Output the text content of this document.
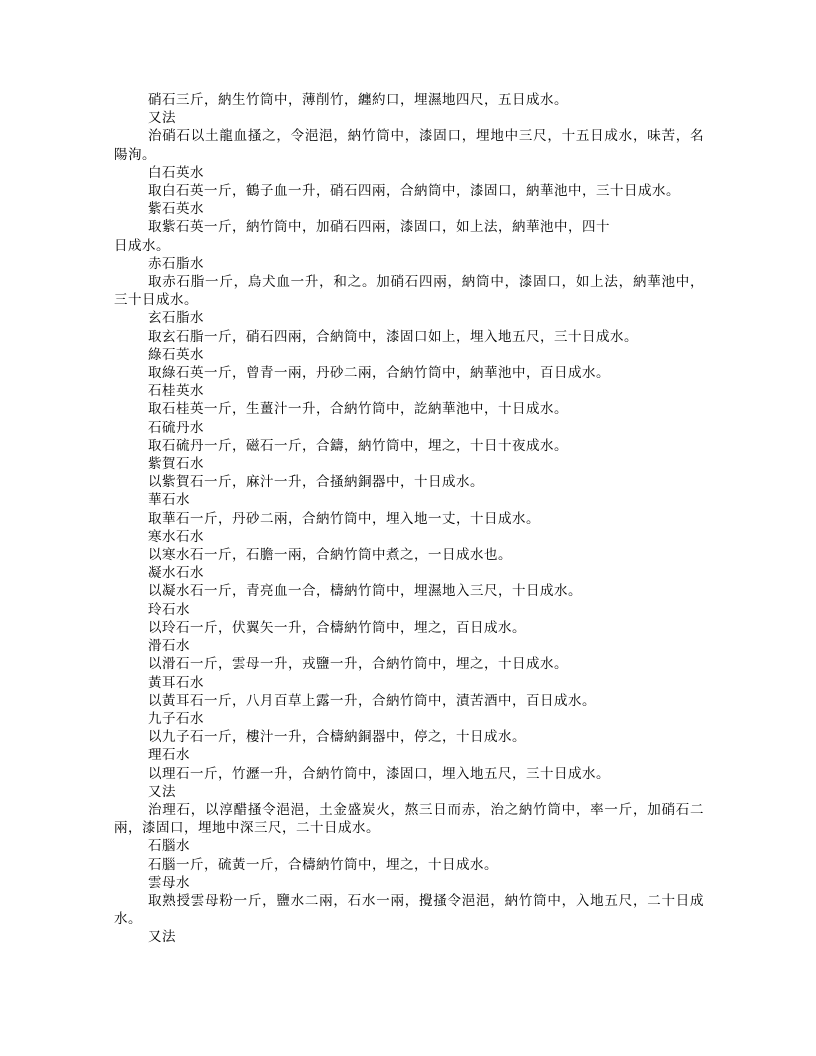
硝石三斤，納生竹筒中，薄削竹，纏約口，埋濕地四尺，五日成水。
又法
治硝石以土龍血搔之，令浥浥，納竹筒中，漆固口，埋地中三尺，十五日成水，味苦，名陽洵。
白石英水
取白石英一斤，鶴子血一升，硝石四兩，合納筒中，漆固口，納華池中，三十日成水。
紫石英水
取紫石英一斤，納竹筒中，加硝石四兩，漆固口，如上法，納華池中，四十
日成水。
赤石脂水
取赤石脂一斤，烏犬血一升，和之。加硝石四兩，納筒中，漆固口，如上法，納華池中，三十日成水。
玄石脂水
取玄石脂一斤，硝石四兩，合納筒中，漆固口如上，埋入地五尺，三十日成水。
綠石英水
取綠石英一斤，曾青一兩，丹砂二兩，合納竹筒中，納華池中，百日成水。
石桂英水
取石桂英一斤，生薑汁一升，合納竹筒中，訖納華池中，十日成水。
石硫丹水
取石硫丹一斤，磁石一斤，合鑄，納竹筒中，埋之，十日十夜成水。
紫賀石水
以紫賀石一斤，麻汁一升，合搔納銅器中，十日成水。
華石水
取華石一斤，丹砂二兩，合納竹筒中，埋入地一丈，十日成水。
寒水石水
以寒水石一斤，石膽一兩，合納竹筒中煮之，一日成水也。
凝水石水
以凝水石一斤，青亮血一合，檮納竹筒中，埋濕地入三尺，十日成水。
玲石水
以玲石一斤，伏翼矢一升，合檮納竹筒中，埋之，百日成水。
滑石水
以滑石一斤，雲母一升，戎鹽一升，合納竹筒中，埋之，十日成水。
黃耳石水
以黃耳石一斤，八月百草上露一升，合納竹筒中，漬苦酒中，百日成水。
九子石水
以九子石一斤，樓汁一升，合檮納銅器中，停之，十日成水。
理石水
以理石一斤，竹瀝一升，合納竹筒中，漆固口，埋入地五尺，三十日成水。
又法
治理石，以淳醋搔令浥浥，土金盛炭火，熬三日而赤，治之納竹筒中，率一斤，加硝石二兩，漆固口，埋地中深三尺，二十日成水。
石腦水
石腦一斤，硫黃一斤，合檮納竹筒中，埋之，十日成水。
雲母水
取熟授雲母粉一斤，鹽水二兩，石水一兩，攪搔令浥浥，納竹筒中，入地五尺，二十日成水。
又法
